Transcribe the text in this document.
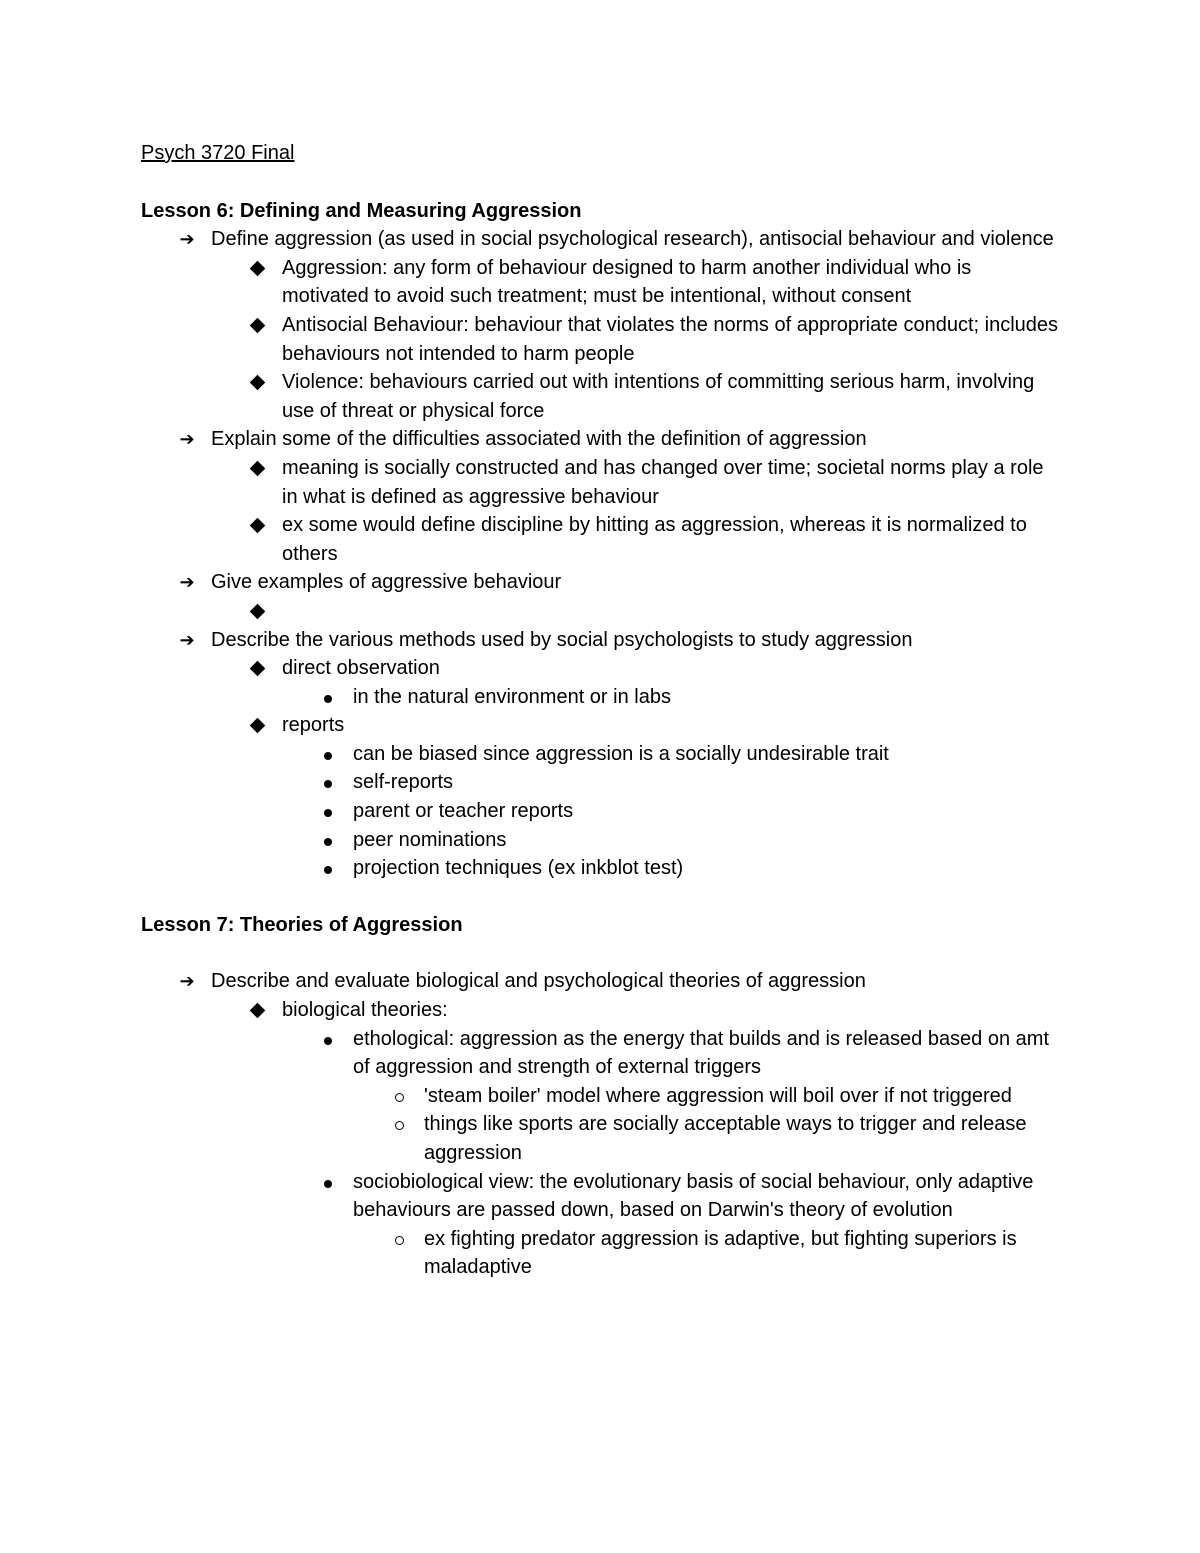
Psych 3720 Final
Lesson 6: Defining and Measuring Aggression
➔ Define aggression (as used in social psychological research), antisocial behaviour and violence
Aggression: any form of behaviour designed to harm another individual who is motivated to avoid such treatment; must be intentional, without consent
Antisocial Behaviour: behaviour that violates the norms of appropriate conduct; includes behaviours not intended to harm people
Violence: behaviours carried out with intentions of committing serious harm, involving use of threat or physical force
➔ Explain some of the difficulties associated with the definition of aggression
meaning is socially constructed and has changed over time; societal norms play a role in what is defined as aggressive behaviour
ex some would define discipline by hitting as aggression, whereas it is normalized to others
➔ Give examples of aggressive behaviour

➔ Describe the various methods used by social psychologists to study aggression
direct observation
in the natural environment or in labs
reports
can be biased since aggression is a socially undesirable trait
self-reports
parent or teacher reports
peer nominations
projection techniques (ex inkblot test)
Lesson 7: Theories of Aggression
➔ Describe and evaluate biological and psychological theories of aggression
biological theories:
ethological: aggression as the energy that builds and is released based on amt of aggression and strength of external triggers
'steam boiler' model where aggression will boil over if not triggered
things like sports are socially acceptable ways to trigger and release aggression
sociobiological view: the evolutionary basis of social behaviour, only adaptive behaviours are passed down, based on Darwin's theory of evolution
ex fighting predator aggression is adaptive, but fighting superiors is maladaptive
